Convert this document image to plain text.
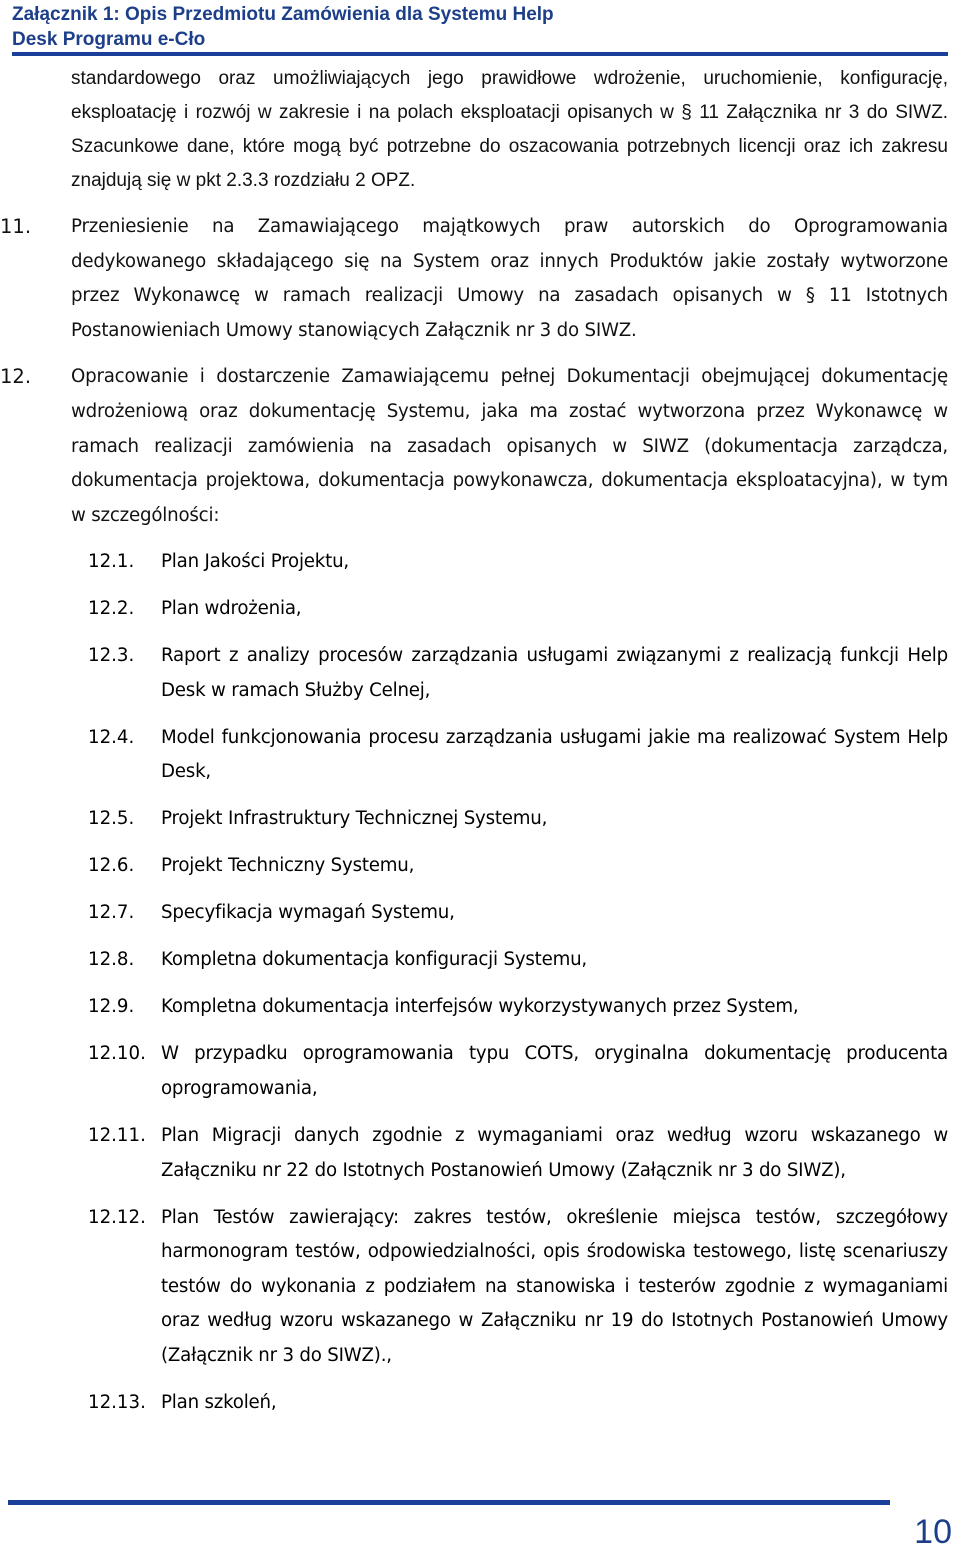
Załącznik 1: Opis Przedmiotu Zamówienia dla Systemu Help
Desk Programu e-Cło
standardowego oraz umożliwiających jego prawidłowe wdrożenie, uruchomienie, konfigurację, eksploatację i rozwój w zakresie i na polach eksploatacji opisanych w § 11 Załącznika nr 3 do SIWZ. Szacunkowe dane, które mogą być potrzebne do oszacowania potrzebnych licencji oraz ich zakresu znajdują się w pkt 2.3.3 rozdziału 2 OPZ.
11.	Przeniesienie na Zamawiającego majątkowych praw autorskich do Oprogramowania dedykowanego składającego się na System oraz innych Produktów jakie zostały wytworzone przez Wykonawcę w ramach realizacji Umowy na zasadach opisanych w § 11 Istotnych Postanowieniach Umowy stanowiących Załącznik nr 3 do SIWZ.
12.	Opracowanie i dostarczenie Zamawiającemu pełnej Dokumentacji obejmującej dokumentację wdrożeniową oraz dokumentację Systemu, jaka ma zostać wytworzona przez Wykonawcę w ramach realizacji zamówienia na zasadach opisanych w SIWZ (dokumentacja zarządcza, dokumentacja projektowa, dokumentacja powykonawcza, dokumentacja eksploatacyjna), w tym w szczególności:
12.1.	Plan Jakości Projektu,
12.2.	Plan wdrożenia,
12.3.	Raport z analizy procesów zarządzania usługami związanymi z realizacją funkcji Help Desk w ramach Służby Celnej,
12.4.	Model funkcjonowania procesu zarządzania usługami jakie ma realizować System Help Desk,
12.5.	Projekt Infrastruktury Technicznej Systemu,
12.6.	Projekt Techniczny Systemu,
12.7.	Specyfikacja wymagań Systemu,
12.8.	Kompletna dokumentacja konfiguracji Systemu,
12.9.	Kompletna dokumentacja interfejsów wykorzystywanych przez System,
12.10. W przypadku oprogramowania typu COTS, oryginalna dokumentację producenta oprogramowania,
12.11. Plan Migracji danych zgodnie z wymaganiami oraz według wzoru wskazanego w Załączniku nr 22 do Istotnych Postanowień Umowy (Załącznik nr 3 do SIWZ),
12.12. Plan Testów zawierający: zakres testów, określenie miejsca testów, szczegółowy harmonogram testów, odpowiedzialności, opis środowiska testowego, listę scenariuszy testów do wykonania z podziałem na stanowiska i testerów zgodnie z wymaganiami oraz według wzoru wskazanego w Załączniku nr 19 do Istotnych Postanowień Umowy (Załącznik nr 3 do SIWZ).,
12.13. Plan szkoleń,
10
